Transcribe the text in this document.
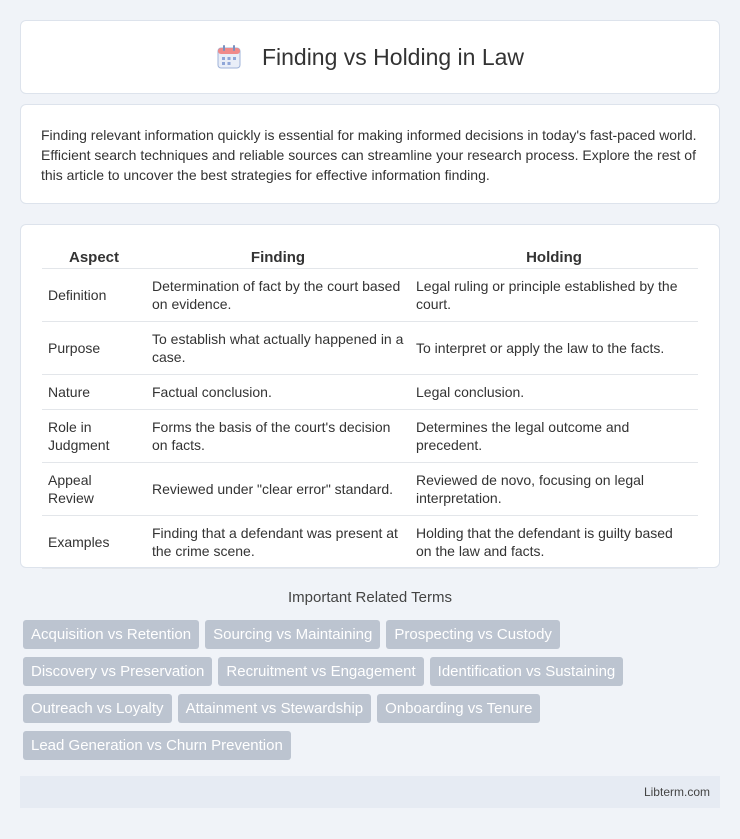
Finding vs Holding in Law

Finding relevant information quickly is essential for making informed decisions in today's fast-paced world. Efficient search techniques and reliable sources can streamline your research process. Explore the rest of this article to uncover the best strategies for effective information finding.

Aspect	Finding	Holding
Definition	Determination of fact by the court based on evidence.	Legal ruling or principle established by the court.
Purpose	To establish what actually happened in a case.	To interpret or apply the law to the facts.
Nature	Factual conclusion.	Legal conclusion.
Role in Judgment	Forms the basis of the court's decision on facts.	Determines the legal outcome and precedent.
Appeal Review	Reviewed under "clear error" standard.	Reviewed de novo, focusing on legal interpretation.
Examples	Finding that a defendant was present at the crime scene.	Holding that the defendant is guilty based on the law and facts.
Important Related Terms
Acquisition vs Retention	Sourcing vs Maintaining	Prospecting vs Custody
Discovery vs Preservation	Recruitment vs Engagement	Identification vs Sustaining
Outreach vs Loyalty	Attainment vs Stewardship	Onboarding vs Tenure
Lead Generation vs Churn Prevention
Libterm.com
